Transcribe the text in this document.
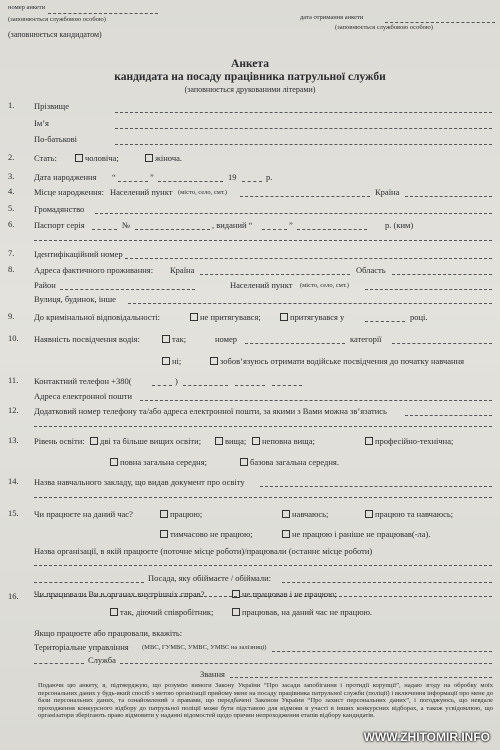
номер анкети
(заповнюється службовою особою)
(заповнюється кандидатом)
дата отримання анкети
(заповнюється службовою особою)
Анкета
кандидата на посаду працівника патрульної служби
(заповнюється друкованими літерами)
1. Прізвище
Ім’я
По-батькові
2. Стать:	чоловіча;	жіноча.
3. Дата народження “	”	19	р.
4. Місце народження: Населений пункт (місто, село, смт.)	Країна
5. Громадянство
6. Паспорт серія	№	, виданий “	”	р. (ким)
7. Ідентифікаційний номер
8. Адреса фактичного проживання: Країна	Область
Район	Населений пункт (місто, село, смт.)
Вулиця, будинок, інше
9. До кримінальної відповідальності:	не притягувався;	притягувався у	році.
10. Наявність посвідчення водія:	так;	номер	категорії
ні;	зобов’язуюсь отримати водійське посвідчення до початку навчання
11. Контактний телефон +380(	)
Адреса електронної пошти
12. Додатковий номер телефону та/або адреса електронної пошти, за якими з Вами можна зв’язатись
13. Рівень освіти:	дві та більше вищих освіти;	вища;	неповна вища;	професійно-технічна;
повна загальна середня;	базова загальна середня.
14. Назва навчального закладу, що видав документ про освіту
15. Чи працюєте на даний час?	працюю;	навчаюсь;	працюю та навчаюсь;
тимчасово не працюю;	не працюю і раніше не працював(-ла).
Назва організації, в якій працюєте (поточне місце роботи)/працювали (останнє місце роботи)
Посада, яку обіймаєте / обіймали:
16. Чи працювали Ви в органах внутрішніх справ?	не працював і не працюю;
так, діючий співробітник;	працював, на даний час не працюю.
Якщо працюєте або працювали, вкажіть:
Територіальне управління (МВС, ГУМВС, УМВС, УМВС на залізниці)
Служба
Звання
Подаючи цю анкету, я, підтверджую, що розумію вимоги Закону України “Про засади запобігання і протидії корупції”, надаю згоду на обробку моїх персональних даних у будь-який спосіб з метою організації прийому мене на посаду працівника патрульної служби (поліції) і включення інформації про мене до бази персональних даних, та ознайомлений з правами, що передбачені Законом України “Про захист персональних даних”, і погоджуюсь, що невдале проходження конкурсного відбору до патрульної поліції може бути підставою для відмови в участі в інших конкурсних відборах, а також усвідомлюю, що організатори зберігають право відмовити у наданні відомостей щодо причин непроходження етапів відбору кандидатів.
WWW.ZHITOMIR.INFO
